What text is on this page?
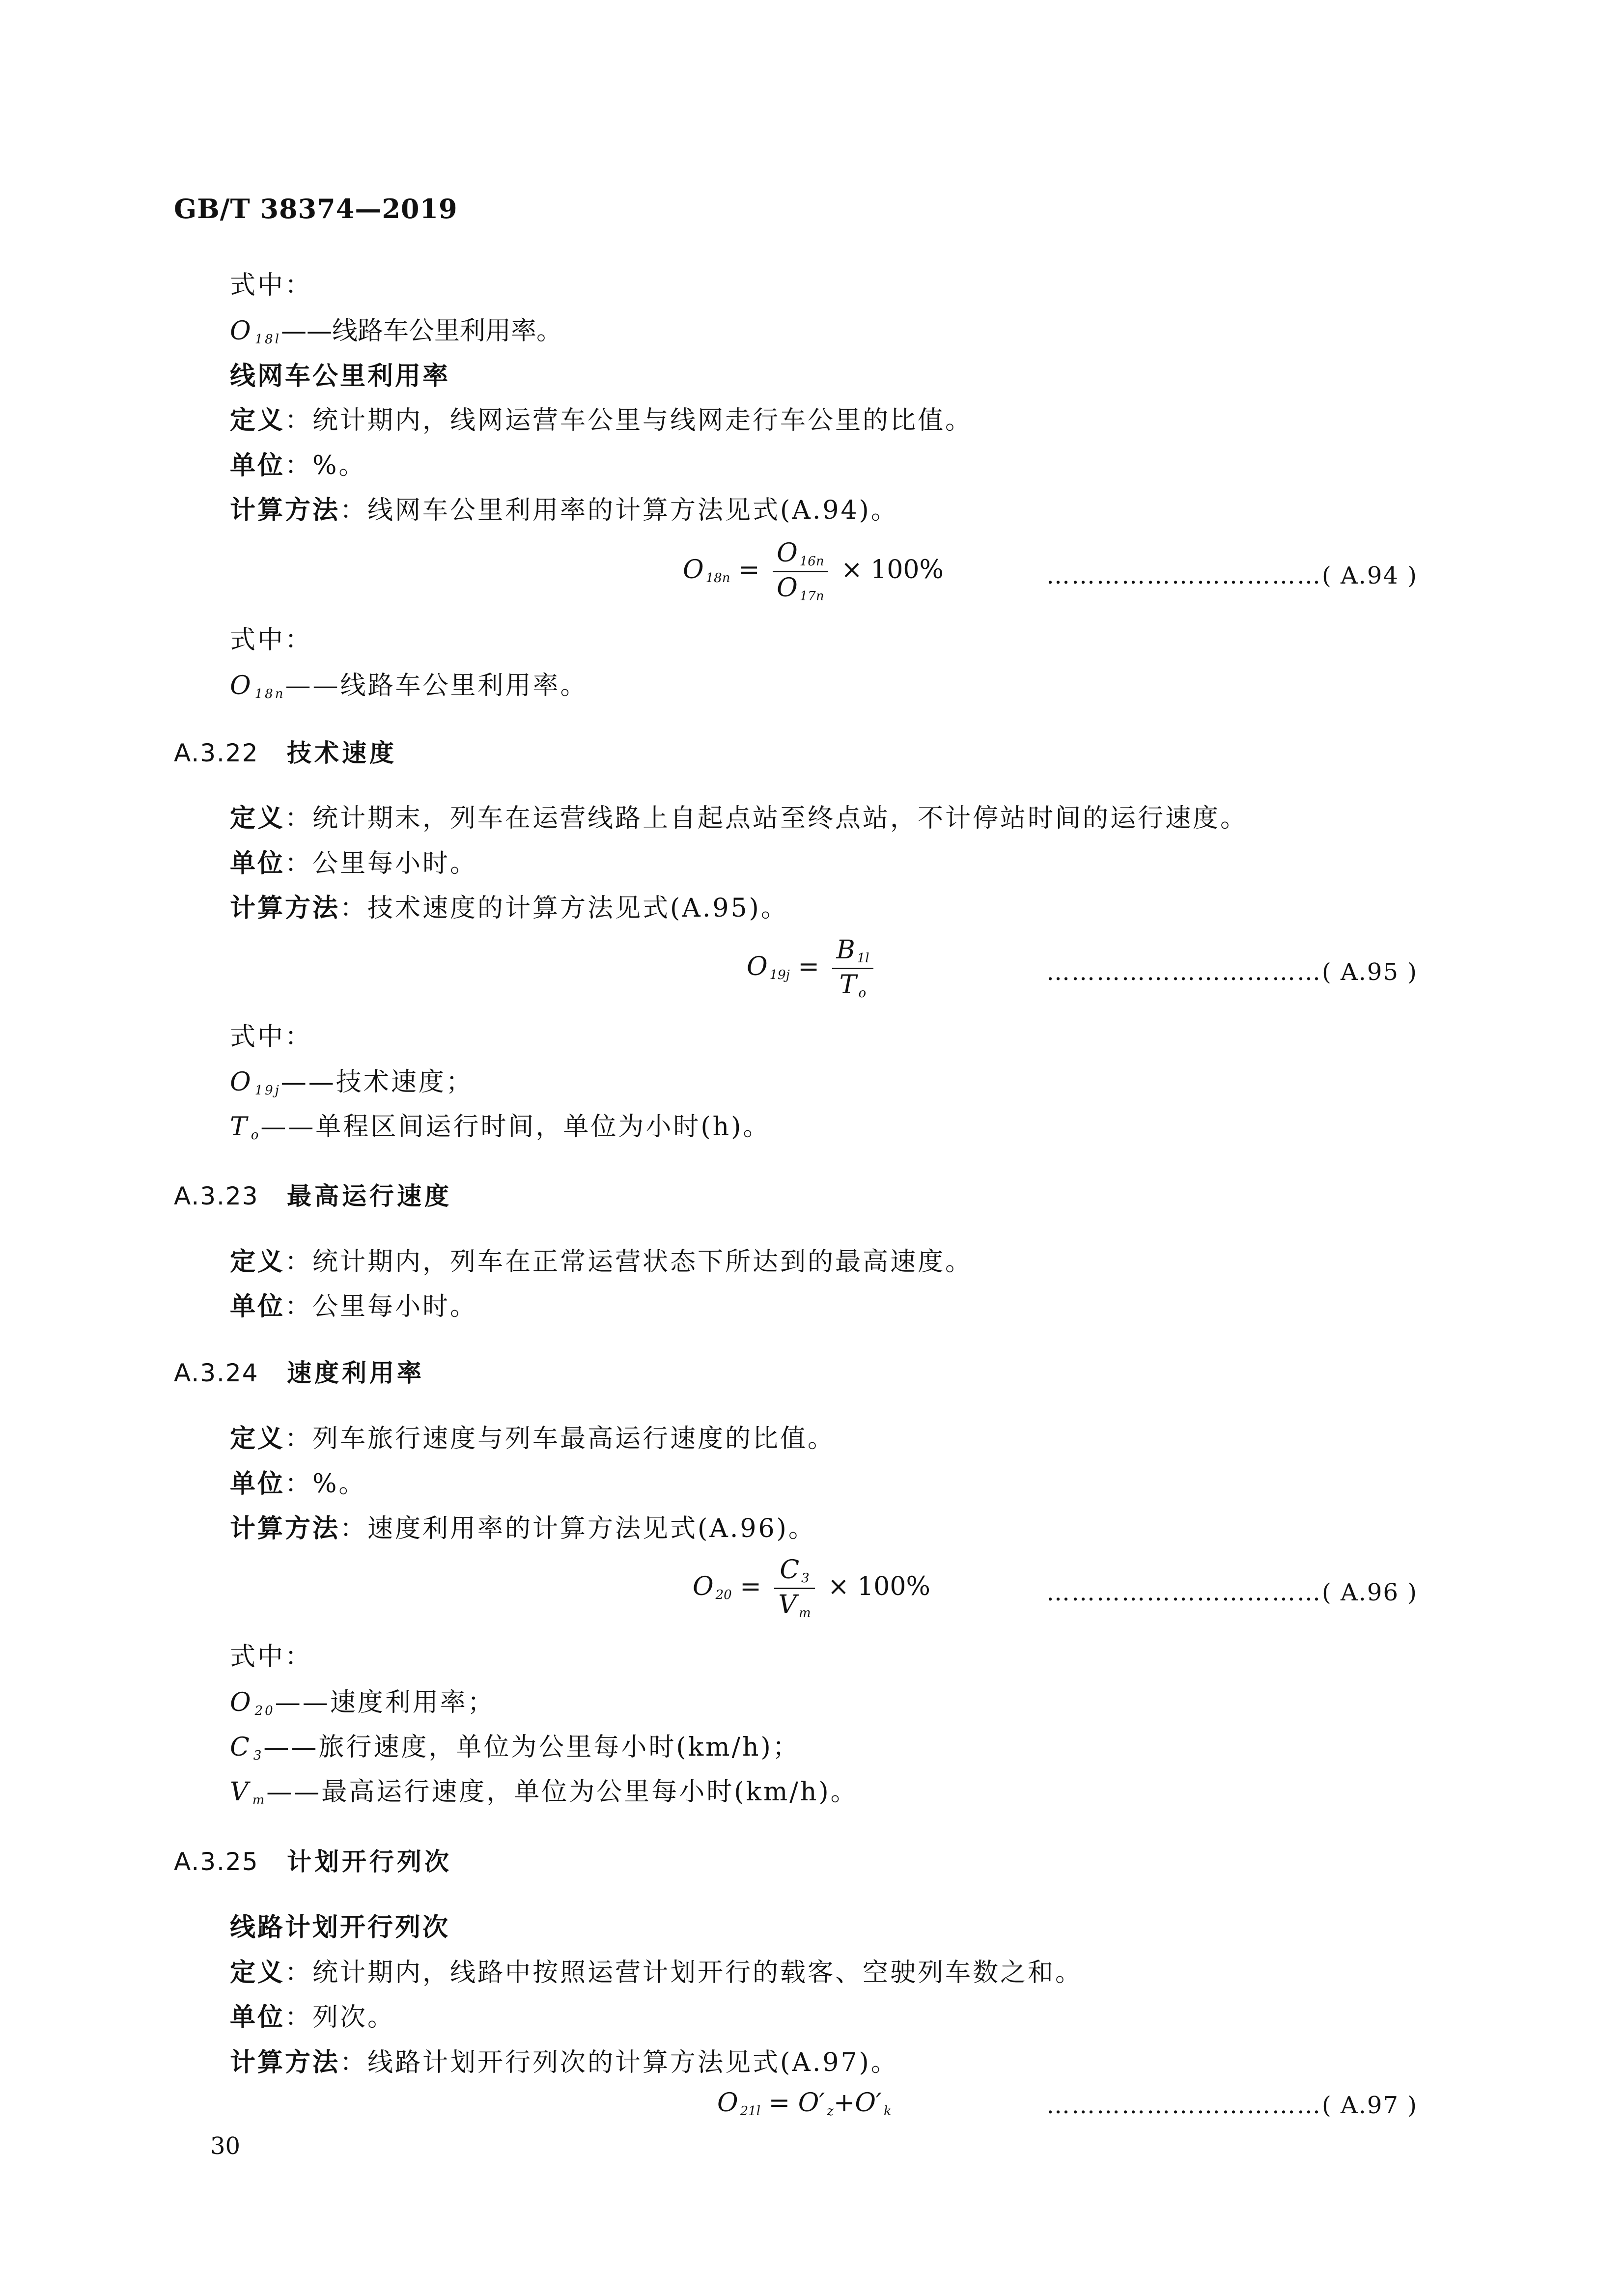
GB/T 38374—2019
式中：
O $_{18l}$——线路车公里利用率。
线网车公里利用率
定义：统计期内，线网运营车公里与线网走行车公里的比值。
单位：%。
计算方法：线网车公里利用率的计算方法见式(A.94)。
O $_{18n} = \frac{O _{16n}}{O _{17n}} \times 100\%$	……………………………( A.94 )
式中：
O $_{18n}$——线路车公里利用率。
A.3.22 技术速度
定义：统计期末，列车在运营线路上自起点站至终点站，不计停站时间的运行速度。
单位：公里每小时。
计算方法：技术速度的计算方法见式(A.95)。
O $_{19j} = \frac{B _{1l}}{T _o}$	……………………………( A.95 )
式中：
O $_{19j}$——技术速度；
T $_o$——单程区间运行时间，单位为小时(h)。
A.3.23 最高运行速度
定义：统计期内，列车在正常运营状态下所达到的最高速度。
单位：公里每小时。
A.3.24 速度利用率
定义：列车旅行速度与列车最高运行速度的比值。
单位：%。
计算方法：速度利用率的计算方法见式(A.96)。
O $_{20} = \frac{C _3}{V _m} \times 100\%$	……………………………( A.96 )
式中：
O $_{20}$——速度利用率；
C $_3$——旅行速度，单位为公里每小时(km/h)；
V $_m$——最高运行速度，单位为公里每小时(km/h)。
A.3.25 计划开行列次
线路计划开行列次
定义：统计期内，线路中按照运营计划开行的载客、空驶列车数之和。
单位：列次。
计算方法：线路计划开行列次的计算方法见式(A.97)。
O $_{21l}$ = O′ $_z$+O′ $_k$	……………………………( A.97 )
30
